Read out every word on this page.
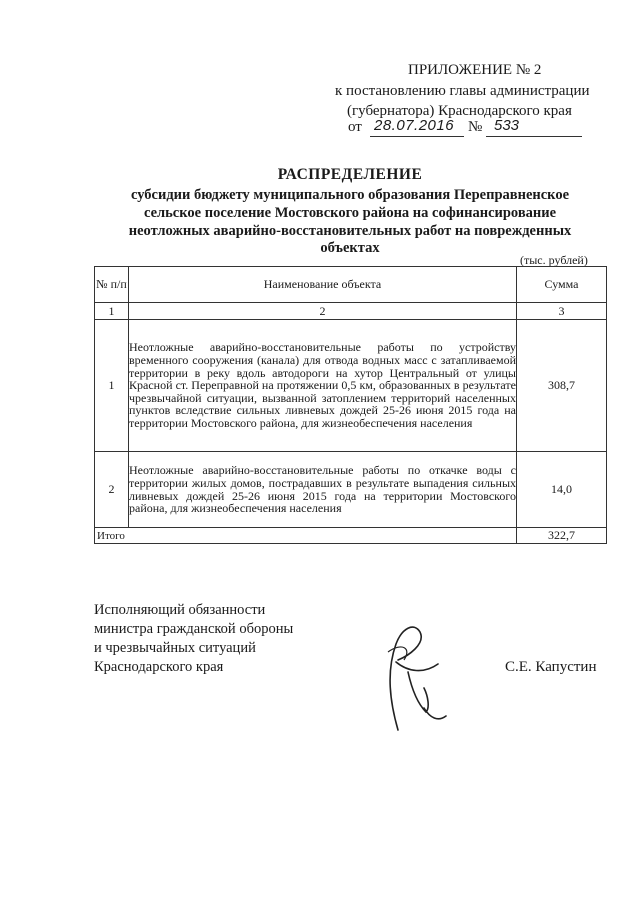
ПРИЛОЖЕНИЕ № 2
к постановлению главы администрации
(губернатора) Краснодарского края
от 28.07.2016 № 533
РАСПРЕДЕЛЕНИЕ
субсидии бюджету муниципального образования Переправненское
сельское поселение Мостовского района на софинансирование
неотложных аварийно-восстановительных работ на поврежденных
объектах
(тыс. рублей)
№ п/п	Наименование объекта	Сумма
1	2	3
1	Неотложные аварийно-восстановительные работы по устройству временного сооружения (канала) для отвода водных масс с затапливаемой территории в реку вдоль автодороги на хутор Центральный от улицы Красной ст. Переправной на протяжении 0,5 км, образованных в результате чрезвычайной ситуации, вызванной затоплением территорий населенных пунктов вследствие сильных ливневых дождей 25-26 июня 2015 года на территории Мостовского района, для жизнеобеспечения населения	308,7
2	Неотложные аварийно-восстановительные работы по откачке воды с территории жилых домов, пострадавших в результате выпадения сильных ливневых дождей 25-26 июня 2015 года на территории Мостовского района, для жизнеобеспечения населения	14,0
Итого		322,7
Исполняющий обязанности
министра гражданской обороны
и чрезвычайных ситуаций
Краснодарского края	С.Е. Капустин
